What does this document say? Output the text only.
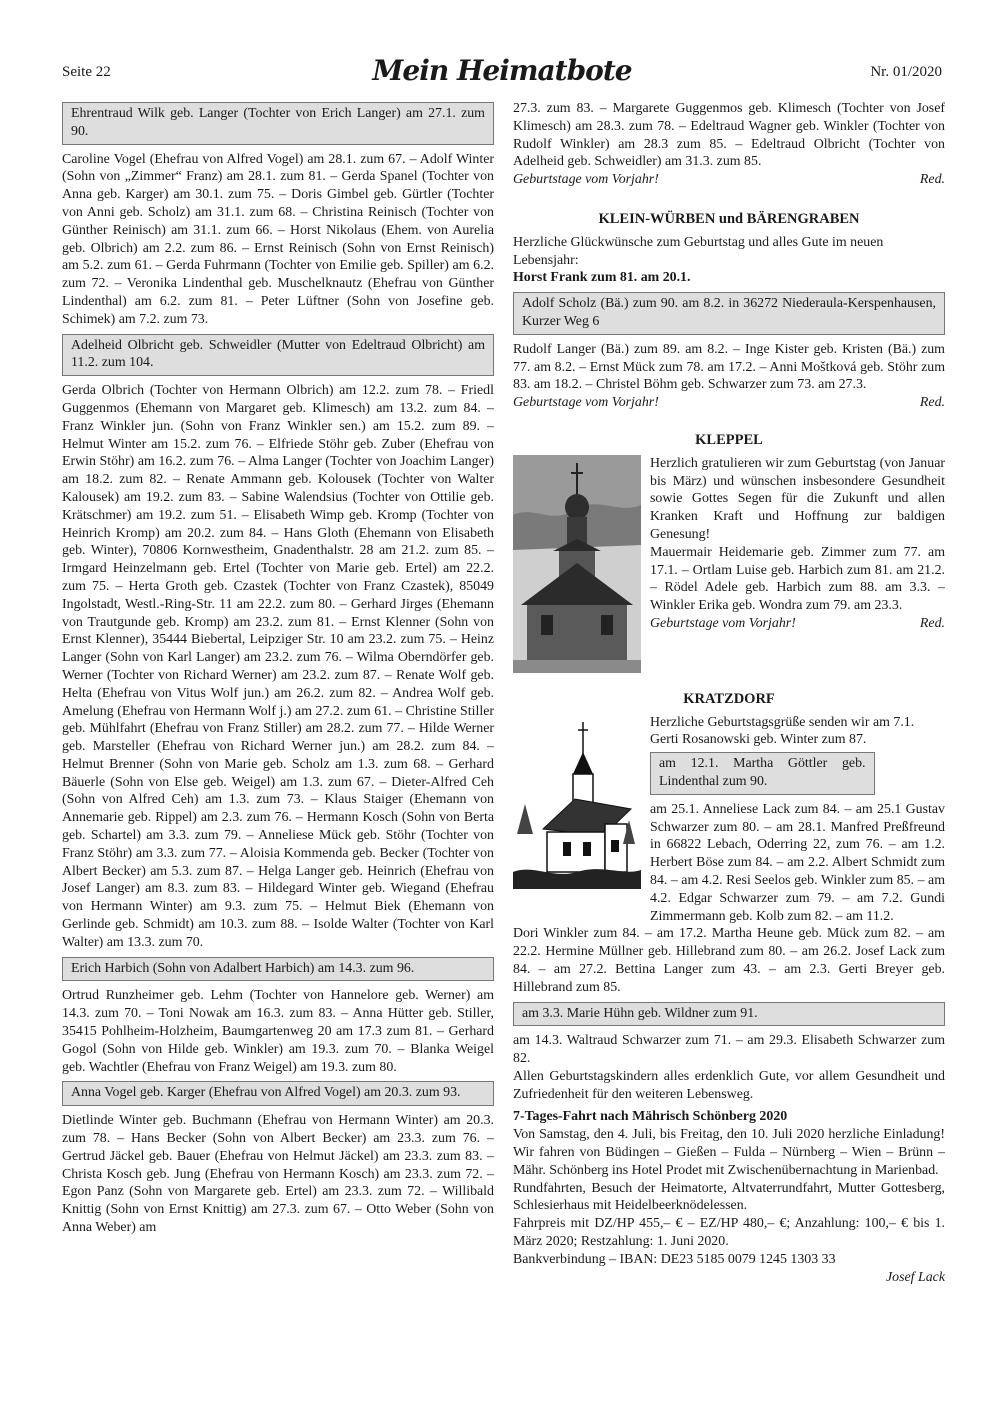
Seite 22	Mein Heimatbote	Nr. 01/2020
Ehrentraud Wilk geb. Langer (Tochter von Erich Langer) am 27.1. zum 90.

Caroline Vogel (Ehefrau von Alfred Vogel) am 28.1. zum 67. – Adolf Winter (Sohn von „Zimmer“ Franz) am 28.1. zum 81. – Gerda Spanel (Tochter von Anna geb. Karger) am 30.1. zum 75. – Doris Gimbel geb. Gürtler (Tochter von Anni geb. Scholz) am 31.1. zum 68. – Christina Reinisch (Tochter von Günther Reinisch) am 31.1. zum 66. – Horst Nikolaus (Ehem. von Aurelia geb. Olbrich) am 2.2. zum 86. – Ernst Reinisch (Sohn von Ernst Reinisch) am 5.2. zum 61. – Gerda Fuhrmann (Tochter von Emilie geb. Spiller) am 6.2. zum 72. – Veronika Lindenthal geb. Muschelknautz (Ehefrau von Günther Lindenthal) am 6.2. zum 81. – Peter Lüftner (Sohn von Josefine geb. Schimek) am 7.2. zum 73.

Adelheid Olbricht geb. Schweidler (Mutter von Edeltraud Olbricht) am 11.2. zum 104.

Gerda Olbrich (Tochter von Hermann Olbrich) am 12.2. zum 78. – Friedl Guggenmos (Ehemann von Margaret geb. Klimesch) am 13.2. zum 84. – Franz Winkler jun. (Sohn von Franz Winkler sen.) am 15.2. zum 89. – Helmut Winter am 15.2. zum 76. – Elfriede Stöhr geb. Zuber (Ehefrau von Erwin Stöhr) am 16.2. zum 76. – Alma Langer (Tochter von Joachim Langer) am 18.2. zum 82. – Renate Ammann geb. Kolousek (Tochter von Walter Kalousek) am 19.2. zum 83. – Sabine Walendsius (Tochter von Ottilie geb. Krätschmer) am 19.2. zum 51. – Elisabeth Wimp geb. Kromp (Tochter von Heinrich Kromp) am 20.2. zum 84. – Hans Gloth (Ehemann von Elisabeth geb. Winter), 70806 Kornwestheim, Gnadenthalstr. 28 am 21.2. zum 85. – Irmgard Heinzelmann geb. Ertel (Tochter von Marie geb. Ertel) am 22.2. zum 75. – Herta Groth geb. Czastek (Tochter von Franz Czastek), 85049 Ingolstadt, Westl.-Ring-Str. 11 am 22.2. zum 80. – Gerhard Jirges (Ehemann von Trautgunde geb. Kromp) am 23.2. zum 81. – Ernst Klenner (Sohn von Ernst Klenner), 35444 Biebertal, Leipziger Str. 10 am 23.2. zum 75. – Heinz Langer (Sohn von Karl Langer) am 23.2. zum 76. – Wilma Oberndörfer geb. Werner (Tochter von Richard Werner) am 23.2. zum 87. – Renate Wolf geb. Helta (Ehefrau von Vitus Wolf jun.) am 26.2. zum 82. – Andrea Wolf geb. Amelung (Ehefrau von Hermann Wolf j.) am 27.2. zum 61. – Christine Stiller geb. Mühlfahrt (Ehefrau von Franz Stiller) am 28.2. zum 77. – Hilde Werner geb. Marsteller (Ehefrau von Richard Werner jun.) am 28.2. zum 84. – Helmut Brenner (Sohn von Marie geb. Scholz am 1.3. zum 68. – Gerhard Bäuerle (Sohn von Else geb. Weigel) am 1.3. zum 67. – Dieter-Alfred Ceh (Sohn von Alfred Ceh) am 1.3. zum 73. – Klaus Staiger (Ehemann von Annemarie geb. Rippel) am 2.3. zum 76. – Hermann Kosch (Sohn von Berta geb. Schartel) am 3.3. zum 79. – Anneliese Mück geb. Stöhr (Tochter von Franz Stöhr) am 3.3. zum 77. – Aloisia Kommenda geb. Becker (Tochter von Albert Becker) am 5.3. zum 87. – Helga Langer geb. Heinrich (Ehefrau von Josef Langer) am 8.3. zum 83. – Hildegard Winter geb. Wiegand (Ehefrau von Hermann Winter) am 9.3. zum 75. – Helmut Biek (Ehemann von Gerlinde geb. Schmidt) am 10.3. zum 88. – Isolde Walter (Tochter von Karl Walter) am 13.3. zum 70.

Erich Harbich (Sohn von Adalbert Harbich) am 14.3. zum 96.

Ortrud Runzheimer geb. Lehm (Tochter von Hannelore geb. Werner) am 14.3. zum 70. – Toni Nowak am 16.3. zum 83. – Anna Hütter geb. Stiller, 35415 Pohlheim-Holzheim, Baumgartenweg 20 am 17.3 zum 81. – Gerhard Gogol (Sohn von Hilde geb. Winkler) am 19.3. zum 70. – Blanka Weigel geb. Wachtler (Ehefrau von Franz Weigel) am 19.3. zum 80.

Anna Vogel geb. Karger (Ehefrau von Alfred Vogel) am 20.3. zum 93.

Dietlinde Winter geb. Buchmann (Ehefrau von Hermann Winter) am 20.3. zum 78. – Hans Becker (Sohn von Albert Becker) am 23.3. zum 76. – Gertrud Jäckel geb. Bauer (Ehefrau von Helmut Jäckel) am 23.3. zum 83. – Christa Kosch geb. Jung (Ehefrau von Hermann Kosch) am 23.3. zum 72. – Egon Panz (Sohn von Margarete geb. Ertel) am 23.3. zum 72. – Willibald Knittig (Sohn von Ernst Knittig) am 27.3. zum 67. – Otto Weber (Sohn von Anna Weber) am

27.3. zum 83. – Margarete Guggenmos geb. Klimesch (Tochter von Josef Klimesch) am 28.3. zum 78. – Edeltraud Wagner geb. Winkler (Tochter von Rudolf Winkler) am 28.3 zum 85. – Edeltraud Olbricht (Tochter von Adelheid geb. Schweidler) am 31.3. zum 85.

Geburtstage vom Vorjahr!	Red.
KLEIN-WÜRBEN und BÄRENGRABEN

Herzliche Glückwünsche zum Geburtstag und alles Gute im neuen Lebensjahr:

Horst Frank zum 81. am 20.1.

Adolf Scholz (Bä.) zum 90. am 8.2. in 36272 Niederaula-Kerspenhausen, Kurzer Weg 6

Rudolf Langer (Bä.) zum 89. am 8.2. – Inge Kister geb. Kristen (Bä.) zum 77. am 8.2. – Ernst Mück zum 78. am 17.2. – Anni Moštková geb. Stöhr zum 83. am 18.2. – Christel Böhm geb. Schwarzer zum 73. am 27.3.

Geburtstage vom Vorjahr!	Red.
KLEPPEL

Herzlich gratulieren wir zum Geburtstag (von Januar bis März) und wünschen insbesondere Gesundheit sowie Gottes Segen für die Zukunft und allen Kranken Kraft und Hoffnung zur baldigen Genesung!

Mauermair Heidemarie geb. Zimmer zum 77. am 17.1. – Ortlam Luise geb. Harbich zum 81. am 21.2. – Rödel Adele geb. Harbich zum 88. am 3.3. – Winkler Erika geb. Wondra zum 79. am 23.3.

Geburtstage vom Vorjahr!	Red.
KRATZDORF

Herzliche Geburtstagsgrüße senden wir am 7.1. Gerti Rosanowski geb. Winter zum 87.

am 12.1. Martha Göttler geb. Lindenthal zum 90.

am 25.1. Anneliese Lack zum 84. – am 25.1 Gustav Schwarzer zum 80. – am 28.1. Manfred Preßfreund in 66822 Lebach, Oderring 22, zum 76. – am 1.2. Herbert Böse zum 84. – am 2.2. Albert Schmidt zum 84. – am 4.2. Resi Seelos geb. Winkler zum 85. – am 4.2. Edgar Schwarzer zum 79. – am 7.2. Gundi Zimmermann geb. Kolb zum 82. – am 11.2.

Dori Winkler zum 84. – am 17.2. Martha Heune geb. Mück zum 82. – am 22.2. Hermine Müllner geb. Hillebrand zum 80. – am 26.2. Josef Lack zum 84. – am 27.2. Bettina Langer zum 43. – am 2.3. Gerti Breyer geb. Hillebrand zum 85.

am 3.3. Marie Hühn geb. Wildner zum 91.

am 14.3. Waltraud Schwarzer zum 71. – am 29.3. Elisabeth Schwarzer zum 82.

Allen Geburtstagskindern alles erdenklich Gute, vor allem Gesundheit und Zufriedenheit für den weiteren Lebensweg.

7-Tages-Fahrt nach Mährisch Schönberg 2020

Von Samstag, den 4. Juli, bis Freitag, den 10. Juli 2020 herzliche Einladung! Wir fahren von Büdingen – Gießen – Fulda – Nürnberg – Wien – Brünn – Mähr. Schönberg ins Hotel Prodet mit Zwischenübernachtung in Marienbad.

Rundfahrten, Besuch der Heimatorte, Altvaterrundfahrt, Mutter Gottesberg, Schlesierhaus mit Heidelbeerknödelessen.

Fahrpreis mit DZ/HP 455,– € – EZ/HP 480,– €; Anzahlung: 100,– € bis 1. März 2020; Restzahlung: 1. Juni 2020.

Bankverbindung – IBAN: DE23 5185 0079 1245 1303 33

Josef Lack
